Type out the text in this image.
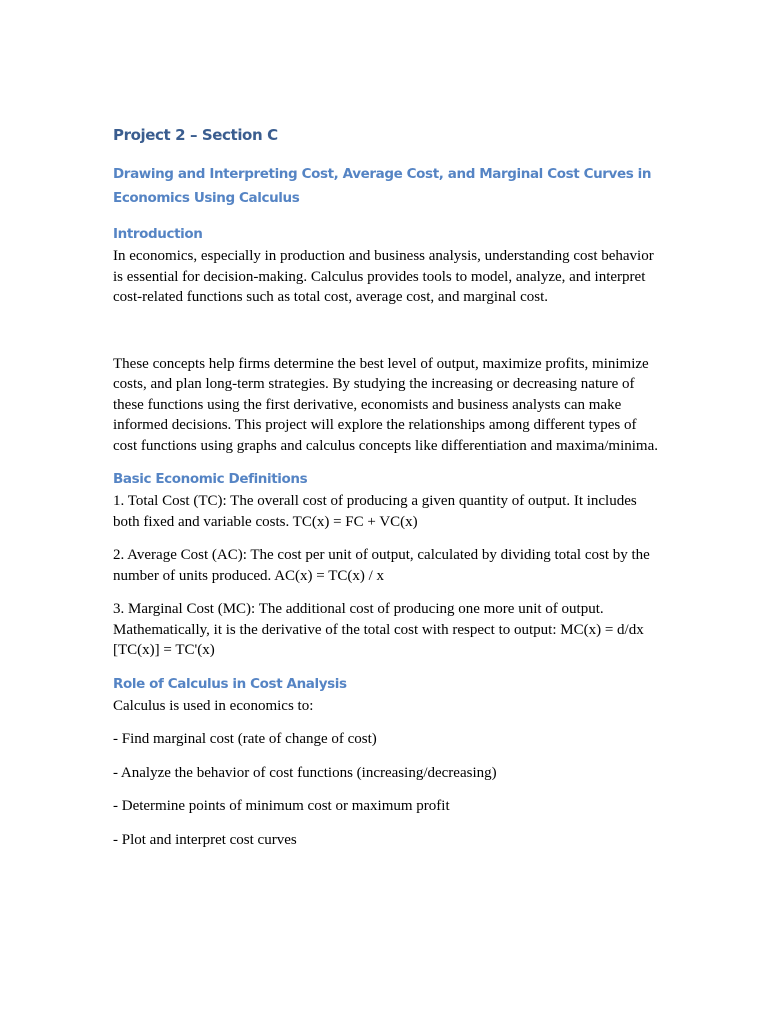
Project 2 – Section C
Drawing and Interpreting Cost, Average Cost, and Marginal Cost Curves in Economics Using Calculus
Introduction

In economics, especially in production and business analysis, understanding cost behavior is essential for decision-making. Calculus provides tools to model, analyze, and interpret cost-related functions such as total cost, average cost, and marginal cost.

These concepts help firms determine the best level of output, maximize profits, minimize costs, and plan long-term strategies. By studying the increasing or decreasing nature of these functions using the first derivative, economists and business analysts can make informed decisions. This project will explore the relationships among different types of cost functions using graphs and calculus concepts like differentiation and maxima/minima.

Basic Economic Definitions

1. Total Cost (TC): The overall cost of producing a given quantity of output. It includes both fixed and variable costs. TC(x) = FC + VC(x)

2. Average Cost (AC): The cost per unit of output, calculated by dividing total cost by the number of units produced. AC(x) = TC(x) / x

3. Marginal Cost (MC): The additional cost of producing one more unit of output. Mathematically, it is the derivative of the total cost with respect to output: MC(x) = d/dx [TC(x)] = TC'(x)

Role of Calculus in Cost Analysis

Calculus is used in economics to:

- Find marginal cost (rate of change of cost)

- Analyze the behavior of cost functions (increasing/decreasing)

- Determine points of minimum cost or maximum profit

- Plot and interpret cost curves
